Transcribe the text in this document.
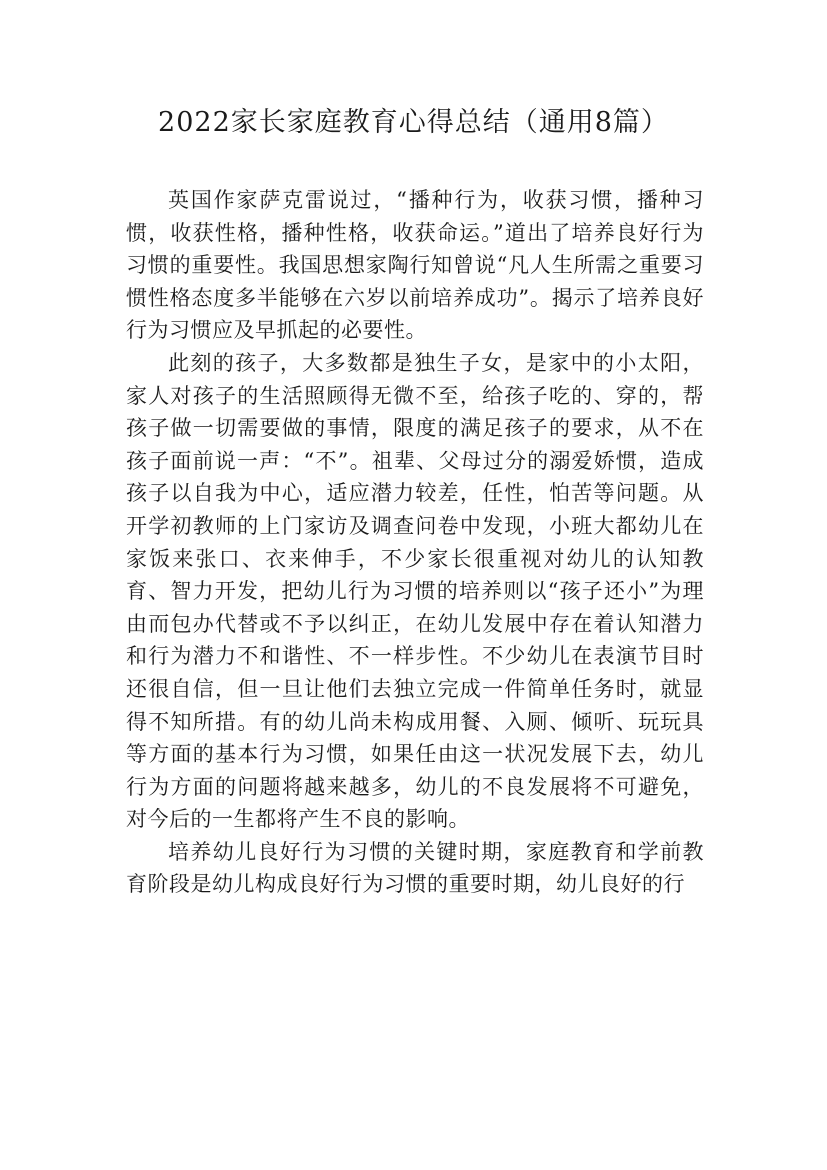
2022家长家庭教育心得总结（通用8篇）

英国作家萨克雷说过，“播种行为，收获习惯，播种习惯，收获性格，播种性格，收获命运。”道出了培养良好行为习惯的重要性。我国思想家陶行知曾说“凡人生所需之重要习惯性格态度多半能够在六岁以前培养成功”。揭示了培养良好行为习惯应及早抓起的必要性。

此刻的孩子，大多数都是独生子女，是家中的小太阳，家人对孩子的生活照顾得无微不至，给孩子吃的、穿的，帮孩子做一切需要做的事情，限度的满足孩子的要求，从不在孩子面前说一声：“不”。祖辈、父母过分的溺爱娇惯，造成孩子以自我为中心，适应潜力较差，任性，怕苦等问题。从开学初教师的上门家访及调查问卷中发现，小班大都幼儿在家饭来张口、衣来伸手，不少家长很重视对幼儿的认知教育、智力开发，把幼儿行为习惯的培养则以“孩子还小”为理由而包办代替或不予以纠正，在幼儿发展中存在着认知潜力和行为潜力不和谐性、不一样步性。不少幼儿在表演节目时还很自信，但一旦让他们去独立完成一件简单任务时，就显得不知所措。有的幼儿尚未构成用餐、入厕、倾听、玩玩具等方面的基本行为习惯，如果任由这一状况发展下去，幼儿行为方面的问题将越来越多，幼儿的不良发展将不可避免，对今后的一生都将产生不良的影响。

培养幼儿良好行为习惯的关键时期，家庭教育和学前教育阶段是幼儿构成良好行为习惯的重要时期，幼儿良好的行
